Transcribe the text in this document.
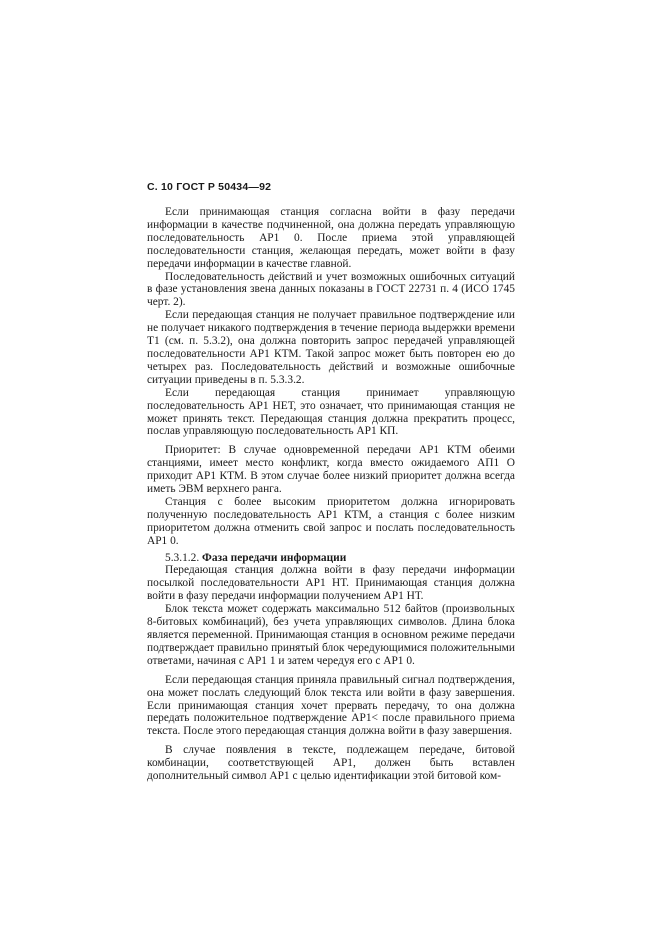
С. 10 ГОСТ Р 50434—92

Если принимающая станция согласна войти в фазу передачи информации в качестве подчиненной, она должна передать управляющую последовательность АР1 0. После приема этой управляющей последовательности станция, желающая передать, может войти в фазу передачи информации в качестве главной.

Последовательность действий и учет возможных ошибочных ситуаций в фазе установления звена данных показаны в ГОСТ 22731 п. 4 (ИСО 1745 черт. 2).

Если передающая станция не получает правильное подтверждение или не получает никакого подтверждения в течение периода выдержки времени T1 (см. п. 5.3.2), она должна повторить запрос передачей управляющей последовательности АР1 КТМ. Такой запрос может быть повторен ею до четырех раз. Последовательность действий и возможные ошибочные ситуации приведены в п. 5.3.3.2.

Если передающая станция принимает управляющую последовательность АР1 НЕТ, это означает, что принимающая станция не может принять текст. Передающая станция должна прекратить процесс, послав управляющую последовательность АР1 КП.

Приоритет: В случае одновременной передачи АР1 КТМ обеими станциями, имеет место конфликт, когда вместо ожидаемого АП1 О приходит АР1 КТМ. В этом случае более низкий приоритет должна всегда иметь ЭВМ верхнего ранга.

Станция с более высоким приоритетом должна игнорировать полученную последовательность АР1 КТМ, а станция с более низким приоритетом должна отменить свой запрос и послать последовательность АР1 0.

5.3.1.2. Фаза передачи информации

Передающая станция должна войти в фазу передачи информации посылкой последовательности АР1 НТ. Принимающая станция должна войти в фазу передачи информации получением АР1 НТ.

Блок текста может содержать максимально 512 байтов (произвольных 8-битовых комбинаций), без учета управляющих символов. Длина блока является переменной. Принимающая станция в основном режиме передачи подтверждает правильно принятый блок чередующимися положительными ответами, начиная с АР1 1 и затем чередуя его с АР1 0.

Если передающая станция приняла правильный сигнал подтверждения, она может послать следующий блок текста или войти в фазу завершения. Если принимающая станция хочет прервать передачу, то она должна передать положительное подтверждение АР1< после правильного приема текста. После этого передающая станция должна войти в фазу завершения.

В случае появления в тексте, подлежащем передаче, битовой комбинации, соответствующей АР1, должен быть вставлен дополнительный символ АР1 с целью идентификации этой битовой ком-
